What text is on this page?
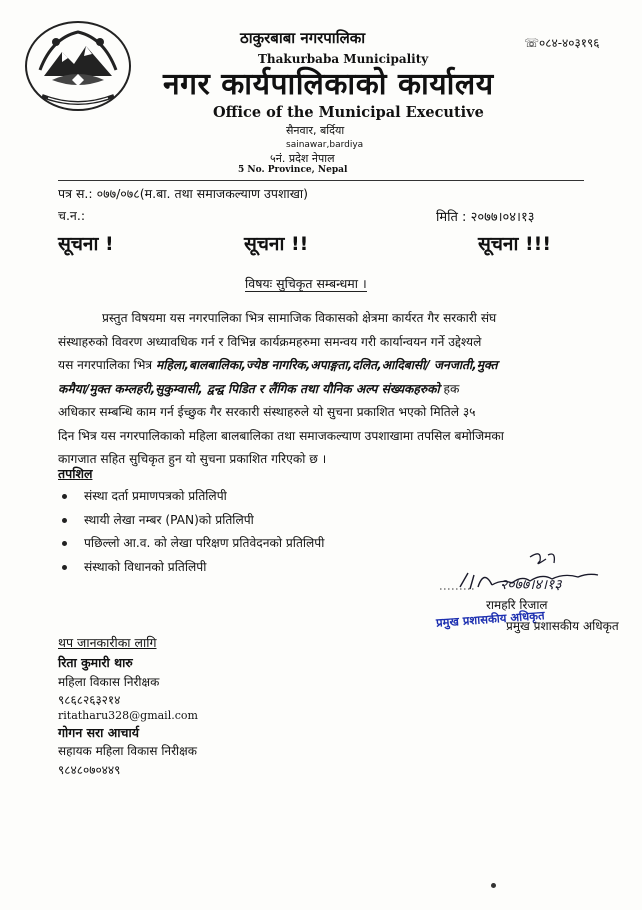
ठाकुरबाबा नगरपालिका
Thakurbaba Municipality
नगर कार्यपालिकाको कार्यालय
Office of the Municipal Executive
सैनवार, बर्दिया
sainawar,bardiya
५नं. प्रदेश नेपाल
5 No. Province, Nepal
☏०८४-४०३१९६
पत्र स.: ०७७/०७८(म.बा. तथा समाजकल्याण उपशाखा)
च.न.:	मिति : २०७७।०४।१३
सूचना !	सूचना !!	सूचना !!!
विषयः सुचिकृत सम्बन्धमा ।
प्रस्तुत विषयमा यस नगरपालिका भित्र सामाजिक विकासको क्षेत्रमा कार्यरत गैर सरकारी संघ
संस्थाहरुको विवरण अध्यावधिक गर्न र विभिन्न कार्यक्रमहरुमा समन्वय गरी कार्यान्वयन गर्ने उद्देश्यले
यस नगरपालिका भित्र महिला,बालबालिका,ज्येष्ठ नागरिक,अपाङ्गता,दलित,आदिबासी/ जनजाती,मुक्त
कमैया/मुक्त कम्लहरी,सुकुम्वासी, द्वन्द्व पिडित र लैंगिक तथा यौनिक अल्प संख्यकहरुको हक
अधिकार सम्बन्धि काम गर्न ईच्छुक गैर सरकारी संस्थाहरुले यो सुचना प्रकाशित भएको मितिले ३५
दिन भित्र यस नगरपालिकाको महिला बालबालिका तथा समाजकल्याण उपशाखामा तपसिल बमोजिमका
कागजात सहित सुचिकृत हुन यो सुचना प्रकाशित गरिएको छ ।
तपशिल
संस्था दर्ता प्रमाणपत्रको प्रतिलिपी
स्थायी लेखा नम्बर (PAN)को प्रतिलिपी
पछिल्लो आ.व. को लेखा परिक्षण प्रतिवेदनको प्रतिलिपी
संस्थाको विधानको प्रतिलिपी
२०७७।४।१३
रामहरि रिजाल
प्रमुख प्रशासकीय अधिकृत
प्रमुख प्रशासकीय अधिकृत
थप जानकारीका लागि
रिता कुमारी थारु
महिला विकास निरीक्षक
९८६८२६३२१४
ritatharu328@gmail.com
गोगन सरा आचार्य
सहायक महिला विकास निरीक्षक
९८४८०७०४४९
